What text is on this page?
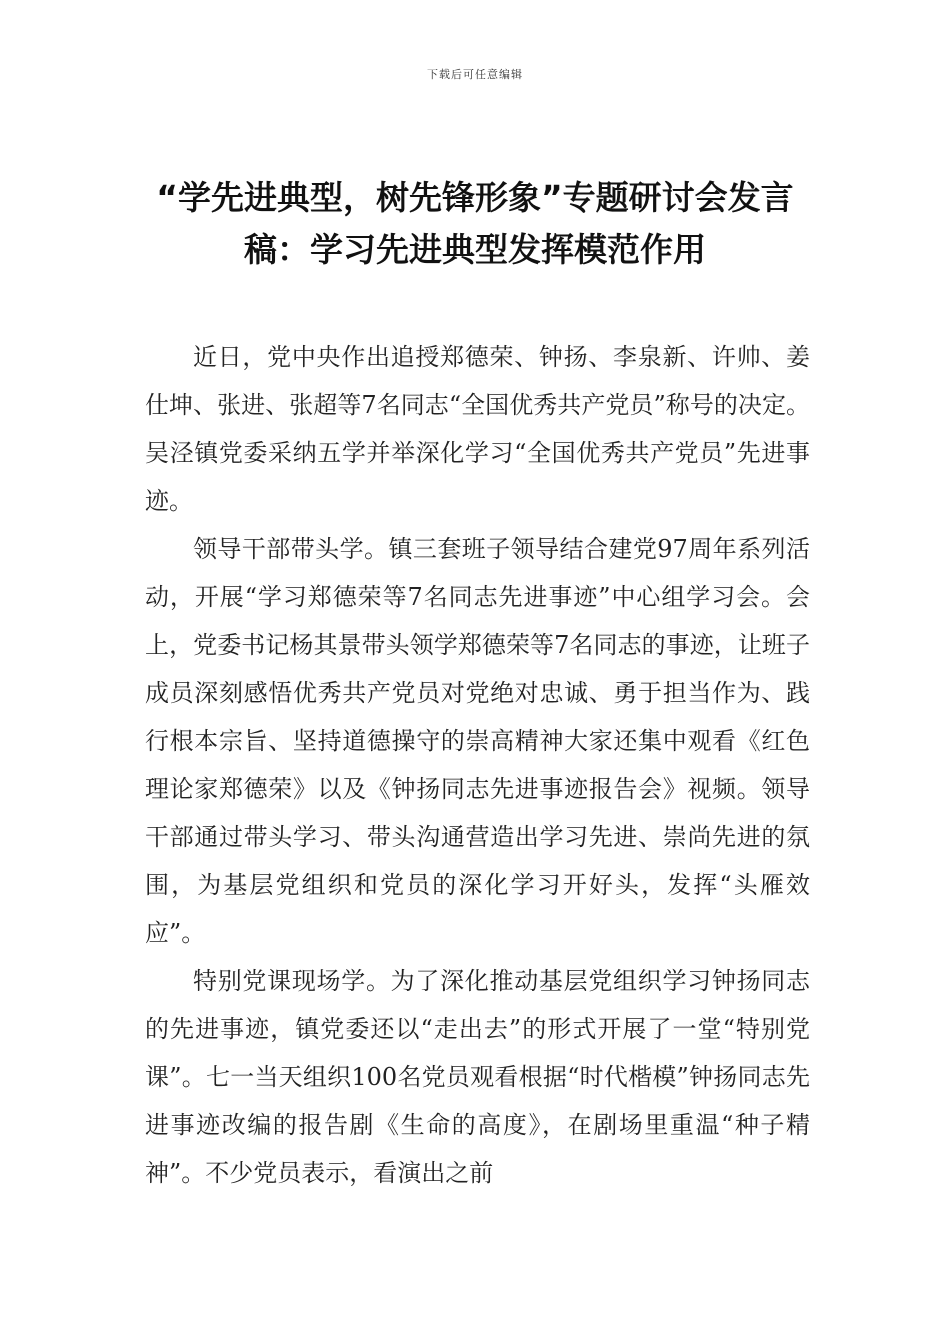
下载后可任意编辑
“学先进典型，树先锋形象”专题研讨会发言稿：学习先进典型发挥模范作用

近日，党中央作出追授郑德荣、钟扬、李泉新、许帅、姜仕坤、张进、张超等7名同志“全国优秀共产党员”称号的决定。吴泾镇党委采纳五学并举深化学习“全国优秀共产党员”先进事迹。

领导干部带头学。镇三套班子领导结合建党97周年系列活动，开展“学习郑德荣等7名同志先进事迹”中心组学习会。会上，党委书记杨其景带头领学郑德荣等7名同志的事迹，让班子成员深刻感悟优秀共产党员对党绝对忠诚、勇于担当作为、践行根本宗旨、坚持道德操守的崇高精神大家还集中观看《红色理论家郑德荣》以及《钟扬同志先进事迹报告会》视频。领导干部通过带头学习、带头沟通营造出学习先进、崇尚先进的氛围，为基层党组织和党员的深化学习开好头，发挥“头雁效应”。

特别党课现场学。为了深化推动基层党组织学习钟扬同志的先进事迹，镇党委还以“走出去”的形式开展了一堂“特别党课”。七一当天组织100名党员观看根据“时代楷模”钟扬同志先进事迹改编的报告剧《生命的高度》，在剧场里重温“种子精神”。不少党员表示，看演出之前
